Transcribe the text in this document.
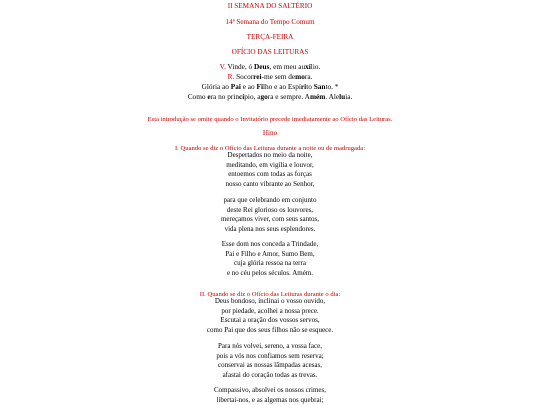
II SEMANA DO SALTÉRIO

14ª Semana do Tempo Comum

TERÇA-FEIRA

OFÍCIO DAS LEITURAS

V. Vinde, ó Deus, em meu auxílio.
R. Socorrei-me sem demora.
Glória ao Pai e ao Filho e ao Espírito Santo. *
Como era no princípio, agora e sempre. Amém. Aleluia.

Esta introdução se omite quando o Invitatório precede imediatamente ao Ofício das Leituras.

Hino

I. Quando se diz o Ofício das Leituras durante a noite ou de madrugada:

Despertados no meio da noite,
meditando, em vigília e louvor,
entoemos com todas as forças
nosso canto vibrante ao Senhor,
para que celebrando em conjunto
deste Rei glorioso os louvores,
mereçamos viver, com seus santos,
vida plena nos seus esplendores.
Esse dom nos conceda a Trindade,
Pai e Filho e Amor, Sumo Bem,
cuja glória ressoa na terra
e no céu pelos séculos. Amém.

II. Quando se diz o Ofício das Leituras durante o dia:

Deus bondoso, inclinai o vosso ouvido,
por piedade, acolhei a nossa prece.
Escutai a oração dos vossos servos,
como Pai que dos seus filhos não se esquece.
Para nós volvei, sereno, a vossa face,
pois a vós nos confiamos sem reserva;
conservai as nossas lâmpadas acesas,
afastai do coração todas as trevas.
Compassivo, absolvei os nossos crimes,
libertai-nos, e as algemas nos quebrai;
